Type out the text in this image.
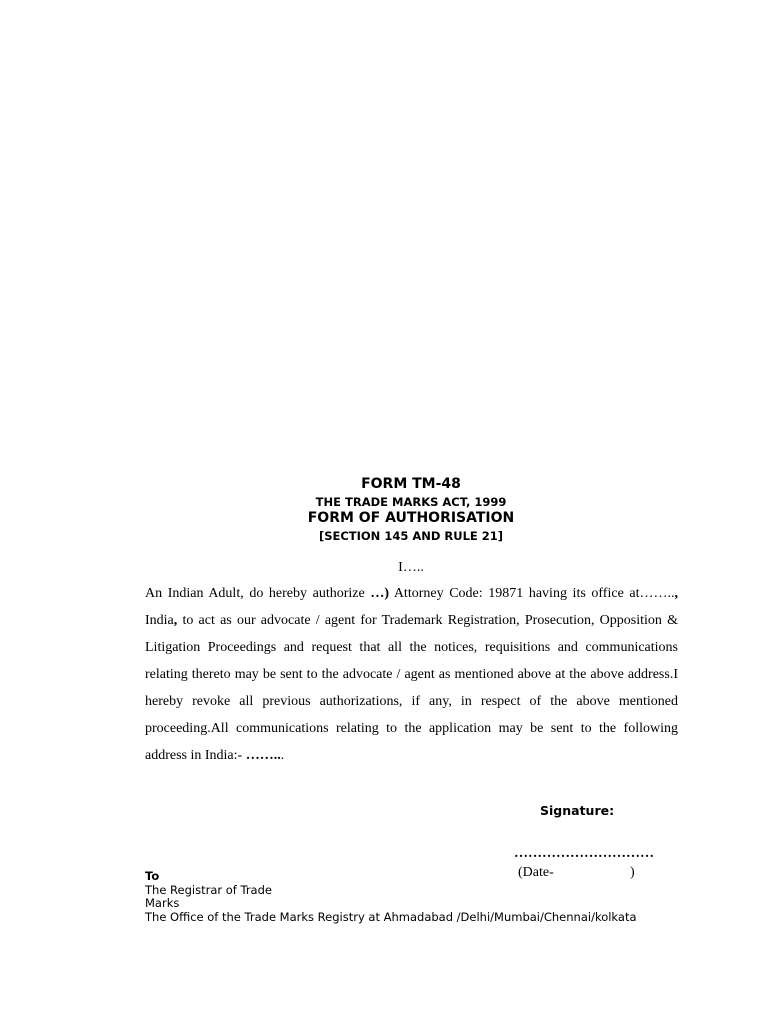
FORM TM-48
THE TRADE MARKS ACT, 1999
FORM OF AUTHORISATION
[SECTION 145 AND RULE 21]
I…..

An Indian Adult, do hereby authorize …) Attorney Code: 19871 having its office at…….., India, to act as our advocate / agent for Trademark Registration, Prosecution, Opposition & Litigation Proceedings and request that all the notices, requisitions and communications relating thereto may be sent to the advocate / agent as mentioned above at the above address.I hereby revoke all previous authorizations, if any, in respect of the above mentioned proceeding.All communications relating to the application may be sent to the following address in India:- ……...

Signature:
…………………………
(Date-	)
To
The Registrar of Trade
Marks
The Office of the Trade Marks Registry at Ahmadabad /Delhi/Mumbai/Chennai/kolkata
